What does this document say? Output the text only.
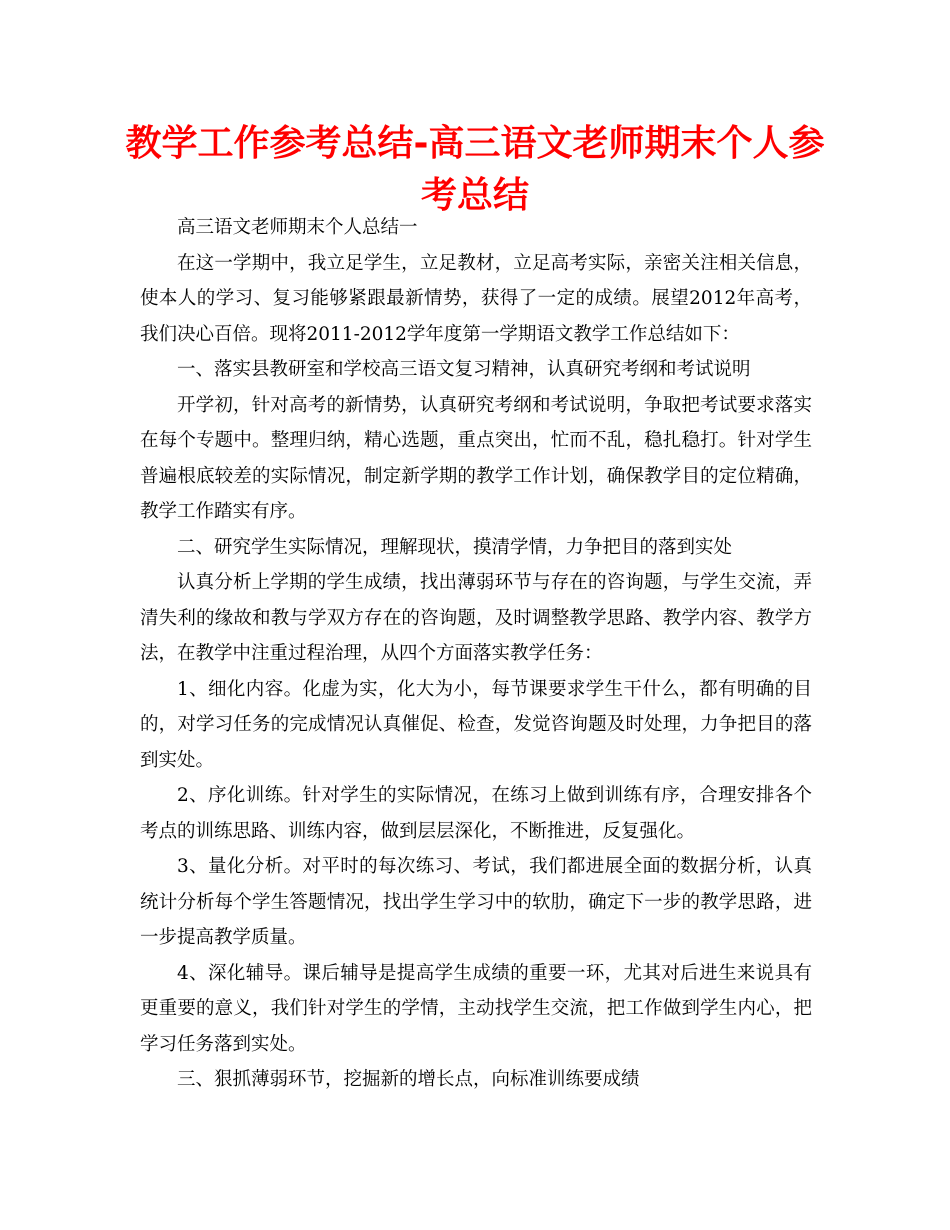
教学工作参考总结-高三语文老师期末个人参考总结

高三语文老师期末个人总结一

在这一学期中，我立足学生，立足教材，立足高考实际，亲密关注相关信息，使本人的学习、复习能够紧跟最新情势，获得了一定的成绩。展望2012年高考，我们决心百倍。现将2011-2012学年度第一学期语文教学工作总结如下：

一、落实县教研室和学校高三语文复习精神，认真研究考纲和考试说明

开学初，针对高考的新情势，认真研究考纲和考试说明，争取把考试要求落实在每个专题中。整理归纳，精心选题，重点突出，忙而不乱，稳扎稳打。针对学生普遍根底较差的实际情况，制定新学期的教学工作计划，确保教学目的定位精确，教学工作踏实有序。

二、研究学生实际情况，理解现状，摸清学情，力争把目的落到实处

认真分析上学期的学生成绩，找出薄弱环节与存在的咨询题，与学生交流，弄清失利的缘故和教与学双方存在的咨询题，及时调整教学思路、教学内容、教学方法，在教学中注重过程治理，从四个方面落实教学任务：

1、细化内容。化虚为实，化大为小，每节课要求学生干什么，都有明确的目的，对学习任务的完成情况认真催促、检查，发觉咨询题及时处理，力争把目的落到实处。

2、序化训练。针对学生的实际情况，在练习上做到训练有序，合理安排各个考点的训练思路、训练内容，做到层层深化，不断推进，反复强化。

3、量化分析。对平时的每次练习、考试，我们都进展全面的数据分析，认真统计分析每个学生答题情况，找出学生学习中的软肋，确定下一步的教学思路，进一步提高教学质量。

4、深化辅导。课后辅导是提高学生成绩的重要一环，尤其对后进生来说具有更重要的意义，我们针对学生的学情，主动找学生交流，把工作做到学生内心，把学习任务落到实处。

三、狠抓薄弱环节，挖掘新的增长点，向标准训练要成绩
